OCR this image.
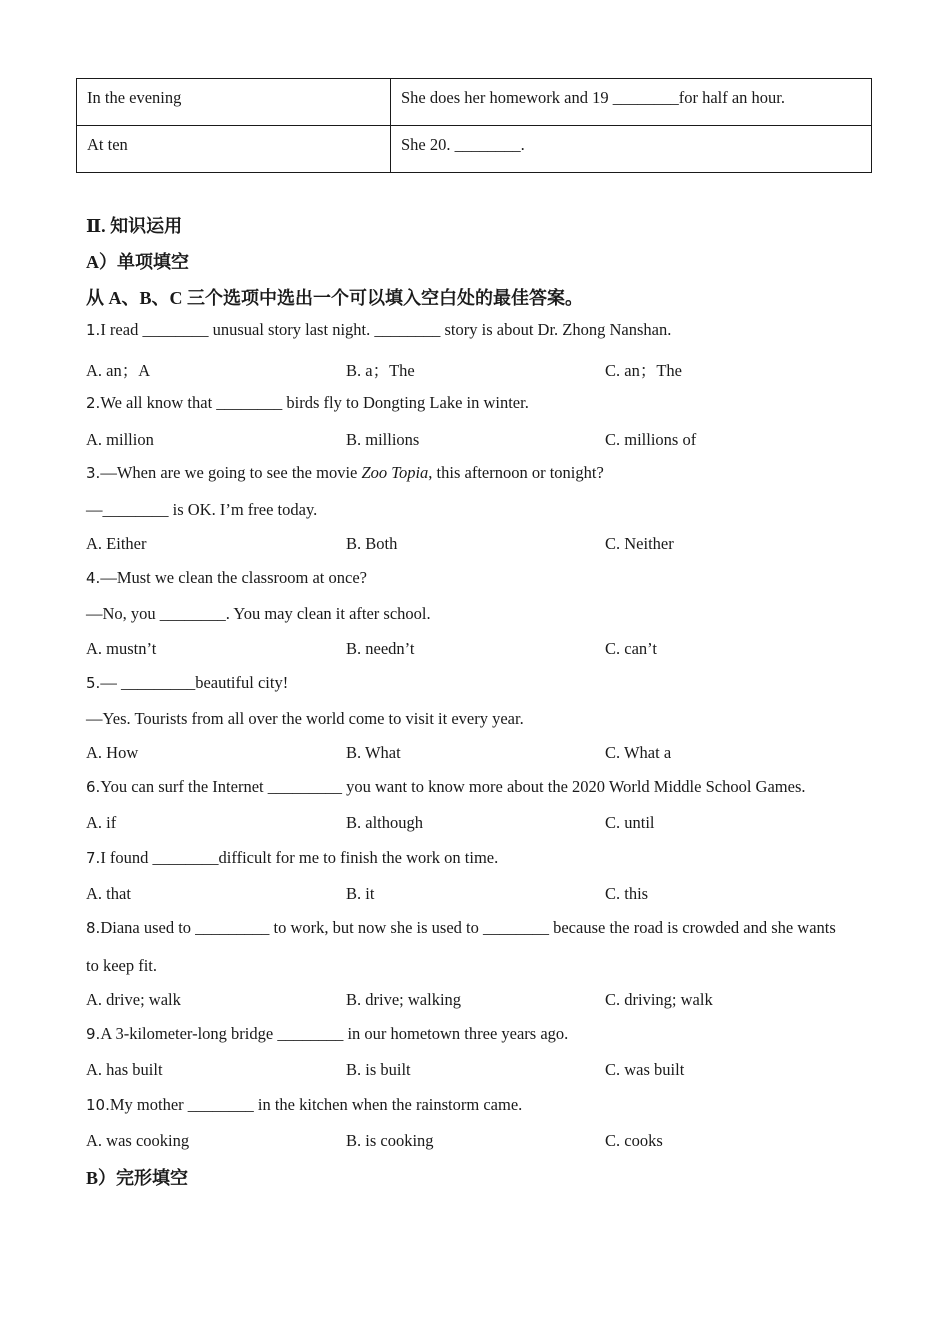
In the evening	She does her homework and 19 ________for half an hour.
At ten	She 20. ________.
Ⅱ. 知识运用
A）单项填空
从 A、B、C 三个选项中选出一个可以填入空白处的最佳答案。
1.I read ________ unusual story last night. ________ story is about Dr. Zhong Nanshan.
A. an；A	B. a；The	C. an；The
2.We all know that ________ birds fly to Dongting Lake in winter.
A. million	B. millions	C. millions of
3.—When are we going to see the movie Zoo Topia, this afternoon or tonight?
—________ is OK. I’m free today.
A. Either	B. Both	C. Neither
4.—Must we clean the classroom at once?
—No, you ________. You may clean it after school.
A. mustn’t	B. needn’t	C. can’t
5.— _________beautiful city!
—Yes. Tourists from all over the world come to visit it every year.
A. How	B. What	C. What a
6.You can surf the Internet _________ you want to know more about the 2020 World Middle School Games.
A. if	B. although	C. until
7.I found ________difficult for me to finish the work on time.
A. that	B. it	C. this
8.Diana used to _________ to work, but now she is used to ________ because the road is crowded and she wants
to keep fit.
A. drive; walk	B. drive; walking	C. driving; walk
9.A 3-kilometer-long bridge ________ in our hometown three years ago.
A. has built	B. is built	C. was built
10.My mother ________ in the kitchen when the rainstorm came.
A. was cooking	B. is cooking	C. cooks
B）完形填空
